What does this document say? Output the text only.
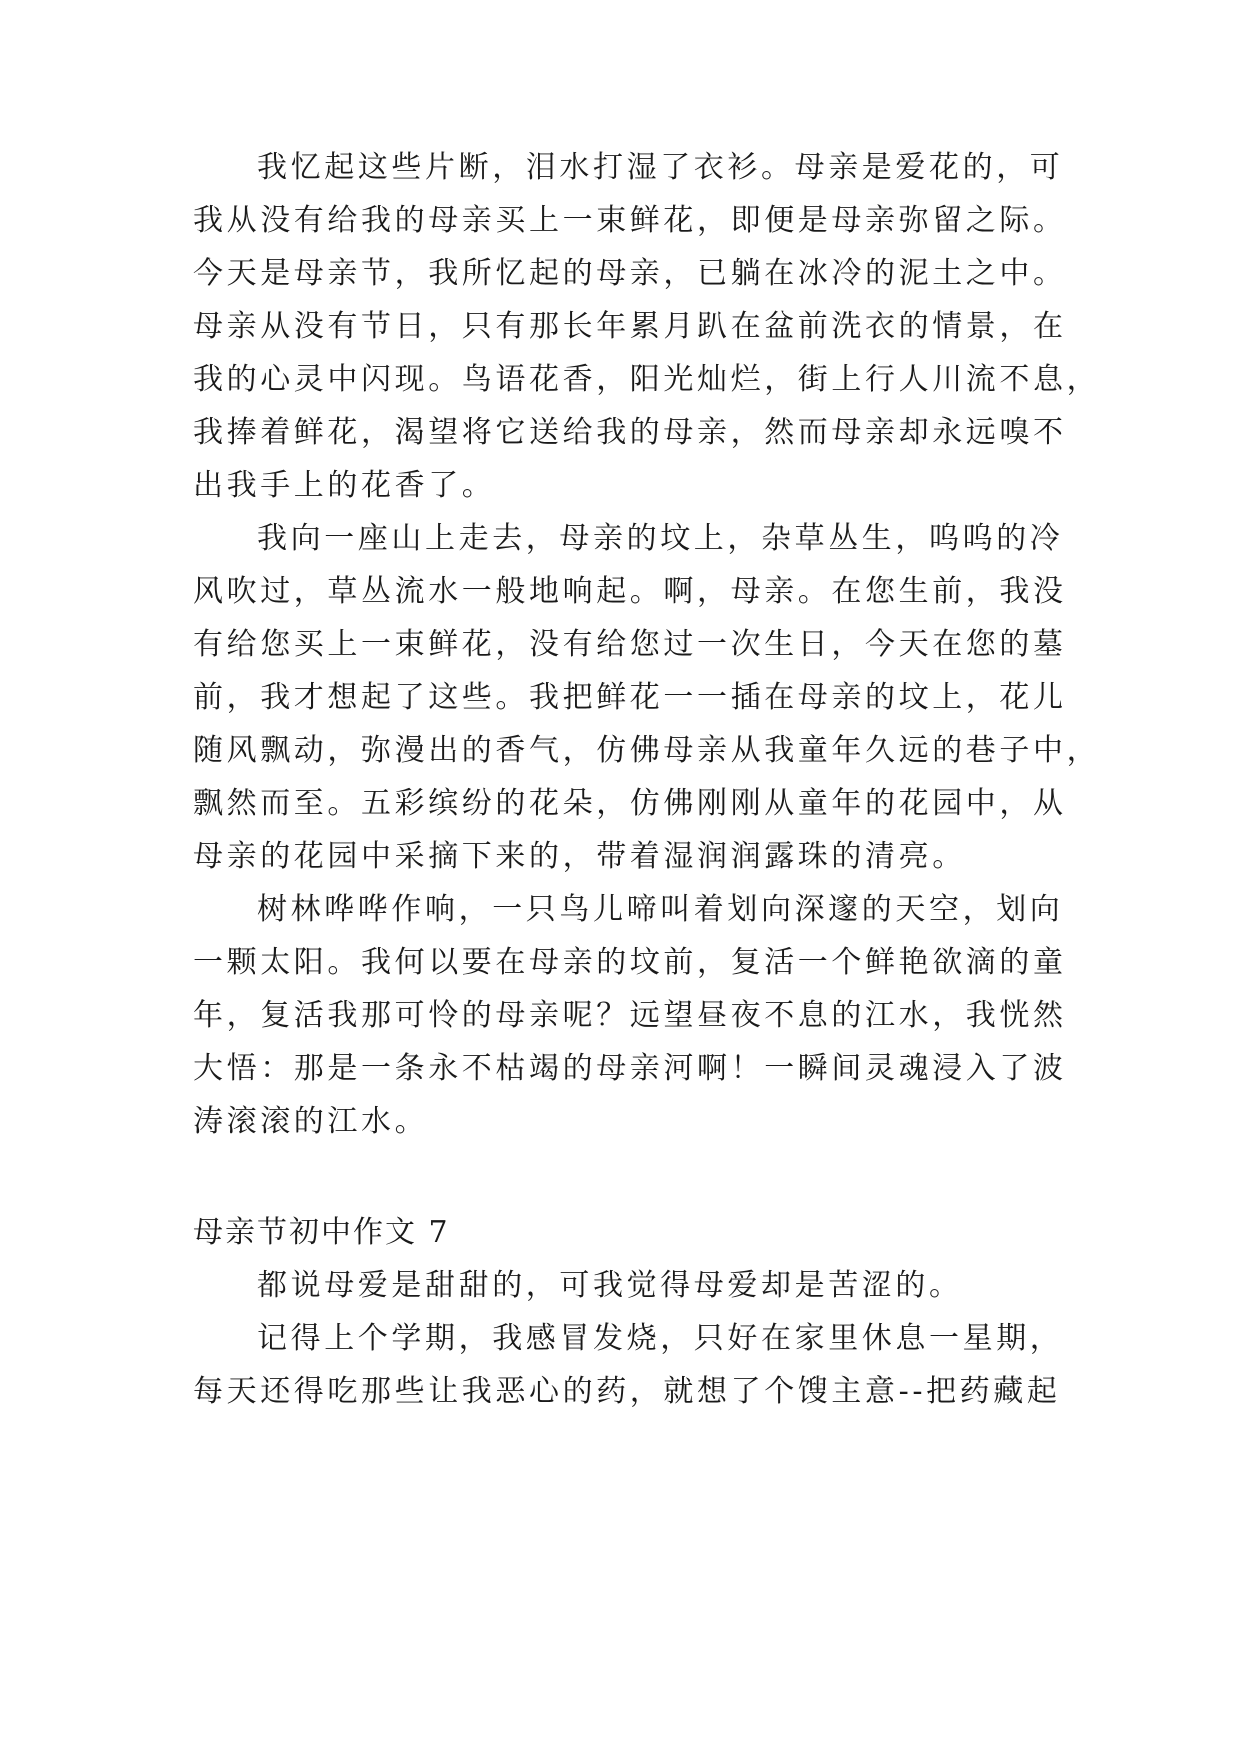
我忆起这些片断，泪水打湿了衣衫。母亲是爱花的，可
我从没有给我的母亲买上一束鲜花，即便是母亲弥留之际。
今天是母亲节，我所忆起的母亲，已躺在冰冷的泥土之中。
母亲从没有节日，只有那长年累月趴在盆前洗衣的情景，在
我的心灵中闪现。鸟语花香，阳光灿烂，街上行人川流不息，
我捧着鲜花，渴望将它送给我的母亲，然而母亲却永远嗅不
出我手上的花香了。
我向一座山上走去，母亲的坟上，杂草丛生，呜呜的冷
风吹过，草丛流水一般地响起。啊，母亲。在您生前，我没
有给您买上一束鲜花，没有给您过一次生日，今天在您的墓
前，我才想起了这些。我把鲜花一一插在母亲的坟上，花儿
随风飘动，弥漫出的香气，仿佛母亲从我童年久远的巷子中，
飘然而至。五彩缤纷的花朵，仿佛刚刚从童年的花园中，从
母亲的花园中采摘下来的，带着湿润润露珠的清亮。
树林哗哗作响，一只鸟儿啼叫着划向深邃的天空，划向
一颗太阳。我何以要在母亲的坟前，复活一个鲜艳欲滴的童
年，复活我那可怜的母亲呢？远望昼夜不息的江水，我恍然
大悟：那是一条永不枯竭的母亲河啊！一瞬间灵魂浸入了波
涛滚滚的江水。
母亲节初中作文 7
都说母爱是甜甜的，可我觉得母爱却是苦涩的。
记得上个学期，我感冒发烧，只好在家里休息一星期，
每天还得吃那些让我恶心的药，就想了个馊主意--把药藏起
